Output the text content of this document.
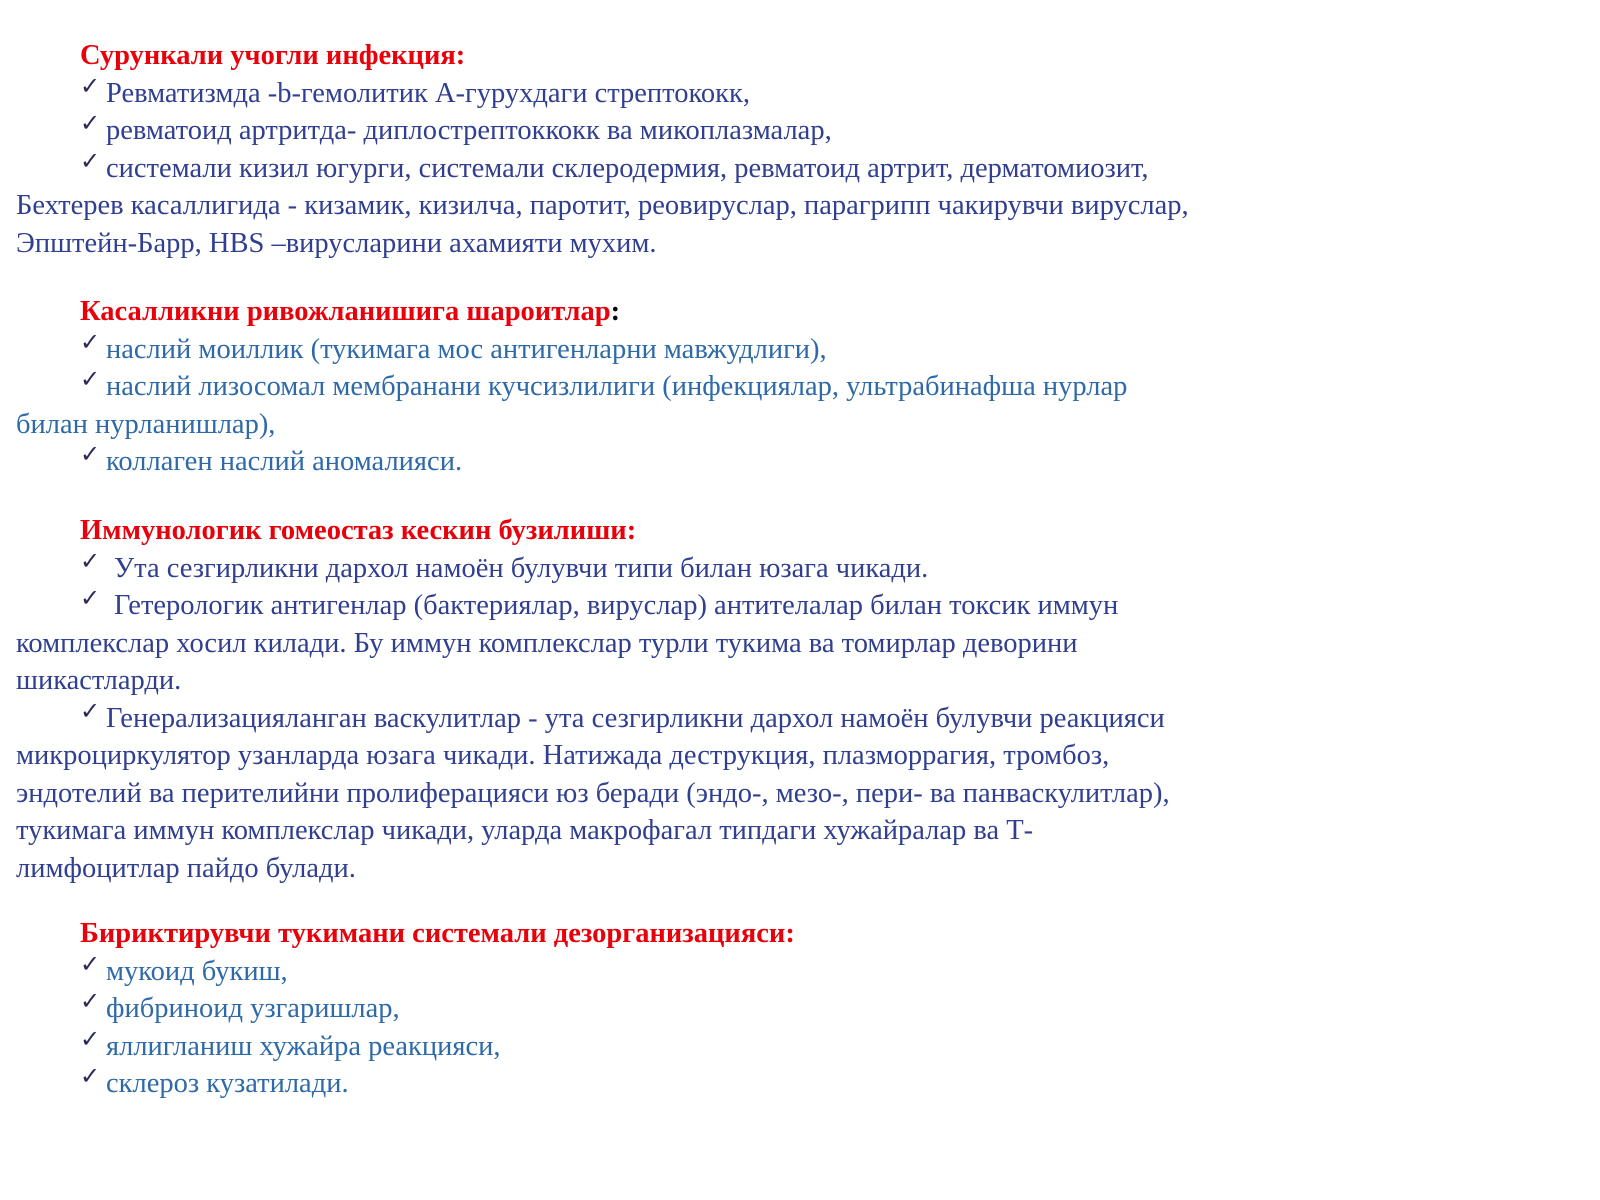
Сурункали учогли инфекция:
✓ Ревматизмда -b-гемолитик А-гурухдаги стрептококк,
✓ ревматоид артритда- диплострептоккокк ва микоплазмалар,
✓ системали кизил югурги, системали склеродермия, ревматоид артрит, дерматомиозит, Бехтерев касаллигида - кизамик, кизилча, паротит, реовируслар, парагрипп чакирувчи вируслар, Эпштейн-Барр, HBS –вирусларини ахамияти мухим.
Касалликни ривожланишига шароитлар:
✓ наслий моиллик (тукимага мос антигенларни мавжудлиги),
✓ наслий лизосомал мембранани кучсизлилиги (инфекциялар, ультрабинафша нурлар билан нурланишлар),
✓ коллаген наслий аномалияси.
Иммунологик гомеостаз кескин бузилиши:
✓ Ута сезгирликни дархол намоён булувчи типи билан юзага чикади.
✓ Гетерологик антигенлар (бактериялар, вируслар) антителалар билан токсик иммун комплекслар хосил килади. Бу иммун комплекслар турли тукима ва томирлар деворини шикастларди.
✓ Генерализацияланган васкулитлар - ута сезгирликни дархол намоён булувчи реакцияси микроциркулятор узанларда юзага чикади. Натижада деструкция, плазморрагия, тромбоз, эндотелий ва перителийни пролиферацияси юз беради (эндо-, мезо-, пери- ва панваскулитлар), тукимага иммун комплекслар чикади, уларда макрофагал типдаги хужайралар ва Т-лимфоцитлар пайдо булади.
Бириктирувчи тукимани системали дезорганизацияси:
✓ мукоид букиш,
✓ фибриноид узгаришлар,
✓ яллигланиш хужайра реакцияси,
✓ склероз кузатилади.
